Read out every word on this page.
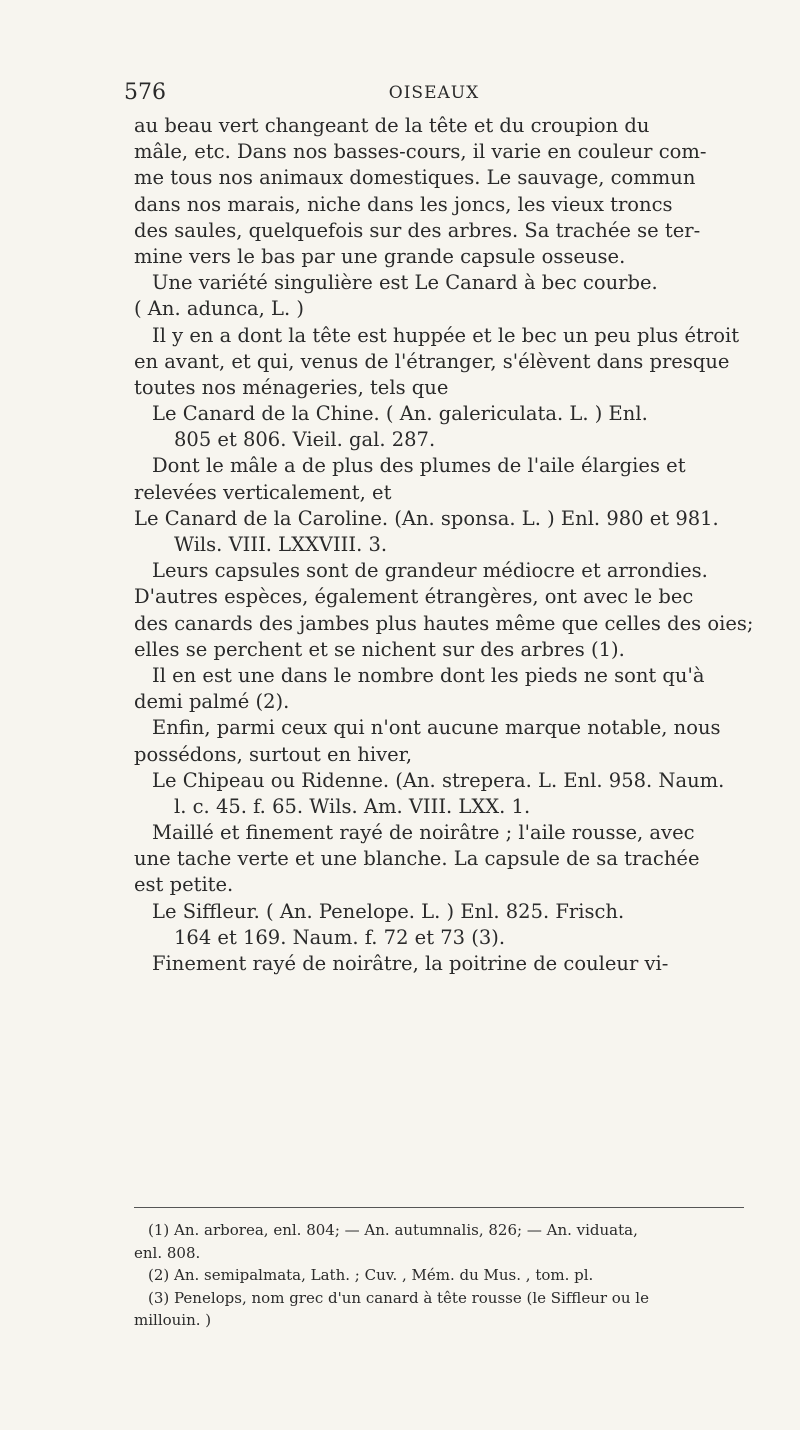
576	OISEAUX
au beau vert changeant de la tête et du croupion du
mâle, etc. Dans nos basses-cours, il varie en couleur com-
me tous nos animaux domestiques. Le sauvage, commun
dans nos marais, niche dans les joncs, les vieux troncs
des saules, quelquefois sur des arbres. Sa trachée se ter-
mine vers le bas par une grande capsule osseuse.
Une variété singulière est Le Canard à bec courbe.
( An. adunca, L. )
Il y en a dont la tête est huppée et le bec un peu plus étroit
en avant, et qui, venus de l'étranger, s'élèvent dans presque
toutes nos ménageries, tels que
Le Canard de la Chine. ( An. galericulata. L. ) Enl.
805 et 806. Vieil. gal. 287.
Dont le mâle a de plus des plumes de l'aile élargies et
relevées verticalement, et
Le Canard de la Caroline. (An. sponsa. L. ) Enl. 980 et 981.
Wils. VIII. LXXVIII. 3.
Leurs capsules sont de grandeur médiocre et arrondies.
D'autres espèces, également étrangères, ont avec le bec
des canards des jambes plus hautes même que celles des oies;
elles se perchent et se nichent sur des arbres (1).
Il en est une dans le nombre dont les pieds ne sont qu'à
demi palmé (2).
Enfin, parmi ceux qui n'ont aucune marque notable, nous
possédons, surtout en hiver,
Le Chipeau ou Ridenne. (An. strepera. L. Enl. 958. Naum.
l. c. 45. f. 65. Wils. Am. VIII. LXX. 1.
Maillé et finement rayé de noirâtre ; l'aile rousse, avec
une tache verte et une blanche. La capsule de sa trachée
est petite.
Le Siffleur. ( An. Penelope. L. ) Enl. 825. Frisch.
164 et 169. Naum. f. 72 et 73 (3).
Finement rayé de noirâtre, la poitrine de couleur vi-
(1) An. arborea, enl. 804; — An. autumnalis, 826; — An. viduata,
enl. 808.
(2) An. semipalmata, Lath. ; Cuv. , Mém. du Mus. , tom. pl.
(3) Penelops, nom grec d'un canard à tête rousse (le Siffleur ou le
millouin. )
